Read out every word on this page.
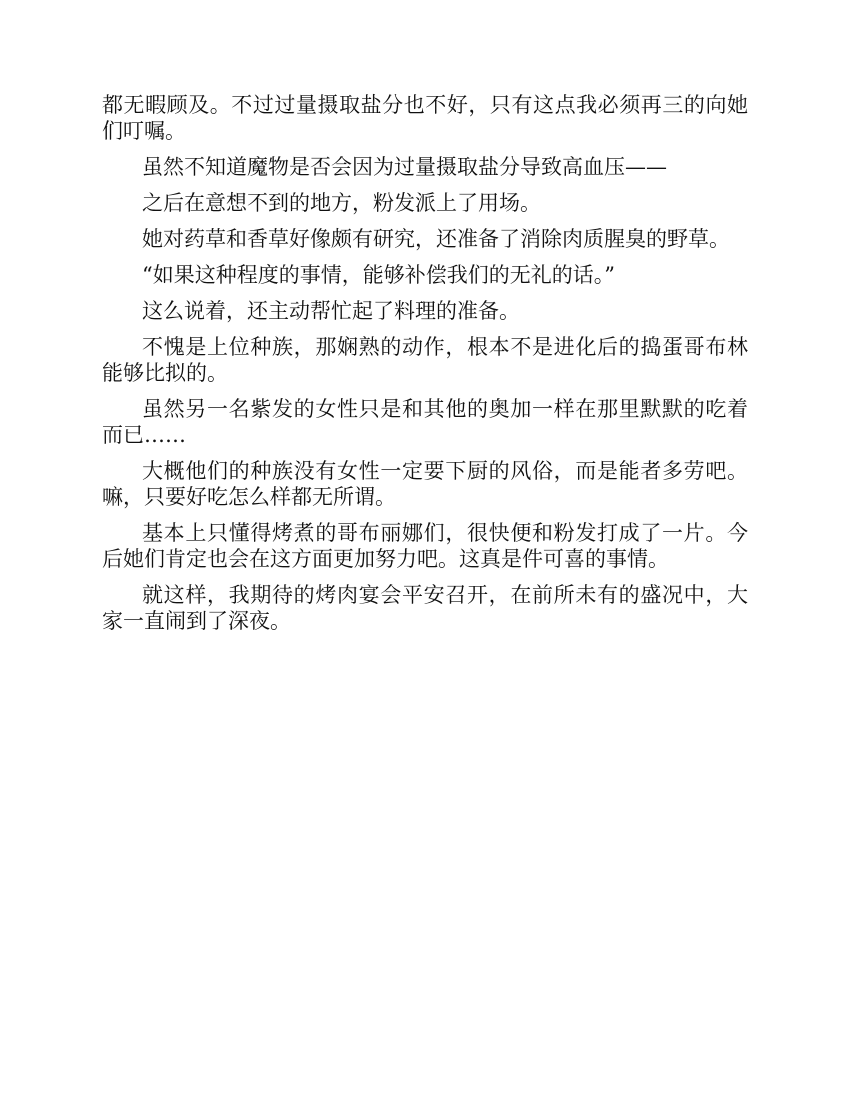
都无暇顾及。不过过量摄取盐分也不好，只有这点我必须再三的向她们叮嘱。

虽然不知道魔物是否会因为过量摄取盐分导致高血压——

之后在意想不到的地方，粉发派上了用场。

她对药草和香草好像颇有研究，还准备了消除肉质腥臭的野草。

“如果这种程度的事情，能够补偿我们的无礼的话。”

这么说着，还主动帮忙起了料理的准备。

不愧是上位种族，那娴熟的动作，根本不是进化后的捣蛋哥布林能够比拟的。

虽然另一名紫发的女性只是和其他的奥加一样在那里默默的吃着而已……

大概他们的种族没有女性一定要下厨的风俗，而是能者多劳吧。嘛，只要好吃怎么样都无所谓。

基本上只懂得烤煮的哥布丽娜们，很快便和粉发打成了一片。今后她们肯定也会在这方面更加努力吧。这真是件可喜的事情。

就这样，我期待的烤肉宴会平安召开，在前所未有的盛况中，大家一直闹到了深夜。
